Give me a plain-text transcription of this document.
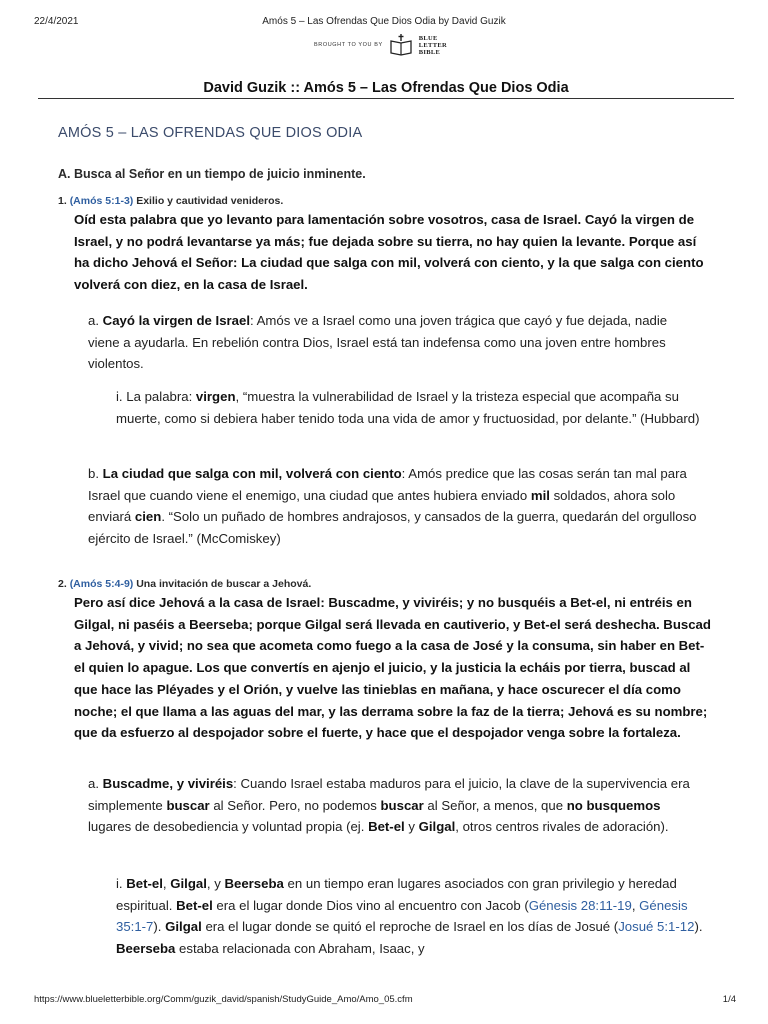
22/4/2021	Amós 5 – Las Ofrendas Que Dios Odia by David Guzik
BROUGHT TO YOU BY
BLUE
LETTER
BIBLE
David Guzik :: Amós 5 – Las Ofrendas Que Dios Odia
AMÓS 5 – LAS OFRENDAS QUE DIOS ODIA
A. Busca al Señor en un tiempo de juicio inminente.
1. (Amós 5:1-3) Exilio y cautividad venideros.
Oíd esta palabra que yo levanto para lamentación sobre vosotros, casa de Israel. Cayó la virgen de Israel, y no podrá levantarse ya más; fue dejada sobre su tierra, no hay quien la levante. Porque así ha dicho Jehová el Señor: La ciudad que salga con mil, volverá con ciento, y la que salga con ciento volverá con diez, en la casa de Israel.
a. Cayó la virgen de Israel: Amós ve a Israel como una joven trágica que cayó y fue dejada, nadie viene a ayudarla. En rebelión contra Dios, Israel está tan indefensa como una joven entre hombres violentos.
i. La palabra: virgen, “muestra la vulnerabilidad de Israel y la tristeza especial que acompaña su muerte, como si debiera haber tenido toda una vida de amor y fructuosidad, por delante.” (Hubbard)
b. La ciudad que salga con mil, volverá con ciento: Amós predice que las cosas serán tan mal para Israel que cuando viene el enemigo, una ciudad que antes hubiera enviado mil soldados, ahora solo enviará cien. “Solo un puñado de hombres andrajosos, y cansados de la guerra, quedarán del orgulloso ejército de Israel.” (McComiskey)
2. (Amós 5:4-9) Una invitación de buscar a Jehová.
Pero así dice Jehová a la casa de Israel: Buscadme, y viviréis; y no busquéis a Bet-el, ni entréis en Gilgal, ni paséis a Beerseba; porque Gilgal será llevada en cautiverio, y Bet-el será deshecha. Buscad a Jehová, y vivid; no sea que acometa como fuego a la casa de José y la consuma, sin haber en Bet-el quien lo apague. Los que convertís en ajenjo el juicio, y la justicia la echáis por tierra, buscad al que hace las Pléyades y el Orión, y vuelve las tinieblas en mañana, y hace oscurecer el día como noche; el que llama a las aguas del mar, y las derrama sobre la faz de la tierra; Jehová es su nombre; que da esfuerzo al despojador sobre el fuerte, y hace que el despojador venga sobre la fortaleza.
a. Buscadme, y viviréis: Cuando Israel estaba maduros para el juicio, la clave de la supervivencia era simplemente buscar al Señor. Pero, no podemos buscar al Señor, a menos, que no busquemos lugares de desobediencia y voluntad propia (ej. Bet-el y Gilgal, otros centros rivales de adoración).
i. Bet-el, Gilgal, y Beerseba en un tiempo eran lugares asociados con gran privilegio y heredad espiritual. Bet-el era el lugar donde Dios vino al encuentro con Jacob (Génesis 28:11-19, Génesis 35:1-7). Gilgal era el lugar donde se quitó el reproche de Israel en los días de Josué (Josué 5:1-12). Beerseba estaba relacionada con Abraham, Isaac, y
https://www.blueletterbible.org/Comm/guzik_david/spanish/StudyGuide_Amo/Amo_05.cfm	1/4
